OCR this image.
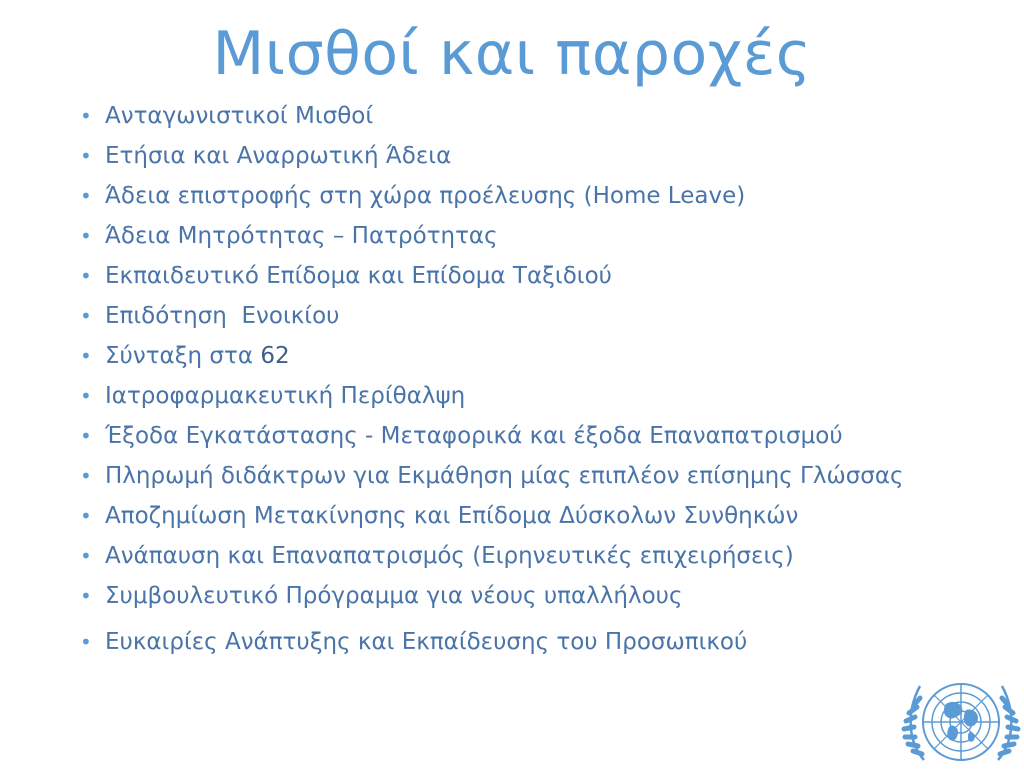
Μισθοί και παροχές
• Ανταγωνιστικοί Μισθοί
• Ετήσια και Αναρρωτική Άδεια
• Άδεια επιστροφής στη χώρα προέλευσης (Home Leave)
• Άδεια Μητρότητας – Πατρότητας
• Εκπαιδευτικό Επίδομα και Επίδομα Ταξιδιού
• Επιδότηση  Ενοικίου
• Σύνταξη στα 62
• Ιατροφαρμακευτική Περίθαλψη
• Έξοδα Εγκατάστασης - Μεταφορικά και έξοδα Επαναπατρισμού
• Πληρωμή διδάκτρων για Εκμάθηση μίας επιπλέον επίσημης Γλώσσας
• Αποζημίωση Μετακίνησης και Επίδομα Δύσκολων Συνθηκών
• Ανάπαυση και Επαναπατρισμός (Ειρηνευτικές επιχειρήσεις)
• Συμβουλευτικό Πρόγραμμα για νέους υπαλλήλους
• Ευκαιρίες Ανάπτυξης και Εκπαίδευσης του Προσωπικού
